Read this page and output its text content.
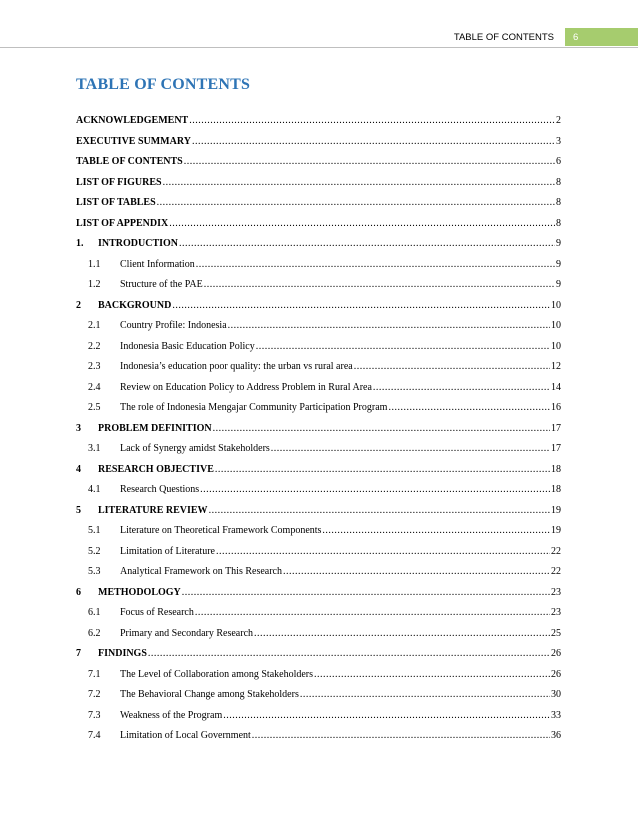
TABLE OF CONTENTS	6
TABLE OF CONTENTS
ACKNOWLEDGEMENT .....	2
EXECUTIVE SUMMARY .....	3
TABLE OF CONTENTS .....	6
LIST OF FIGURES .....	8
LIST OF TABLES .....	8
LIST OF APPENDIX .....	8
1.	INTRODUCTION .....	9
1.1	Client Information .....	9
1.2	Structure of the PAE .....	9
2	BACKGROUND .....	10
2.1	Country Profile: Indonesia .....	10
2.2	Indonesia Basic Education Policy .....	10
2.3	Indonesia’s education poor quality: the urban vs rural area .....	12
2.4	Review on Education Policy to Address Problem in Rural Area .....	14
2.5	The role of Indonesia Mengajar Community Participation Program .....	16
3	PROBLEM DEFINITION .....	17
3.1	Lack of Synergy amidst Stakeholders .....	17
4	RESEARCH OBJECTIVE .....	18
4.1	Research Questions .....	18
5	LITERATURE REVIEW .....	19
5.1	Literature on Theoretical Framework Components .....	19
5.2	Limitation of Literature .....	22
5.3	Analytical Framework on This Research .....	22
6	METHODOLOGY .....	23
6.1	Focus of Research .....	23
6.2	Primary and Secondary Research .....	25
7	FINDINGS .....	26
7.1	The Level of Collaboration among Stakeholders .....	26
7.2	The Behavioral Change among Stakeholders .....	30
7.3	Weakness of the Program .....	33
7.4	Limitation of Local Government .....	36
